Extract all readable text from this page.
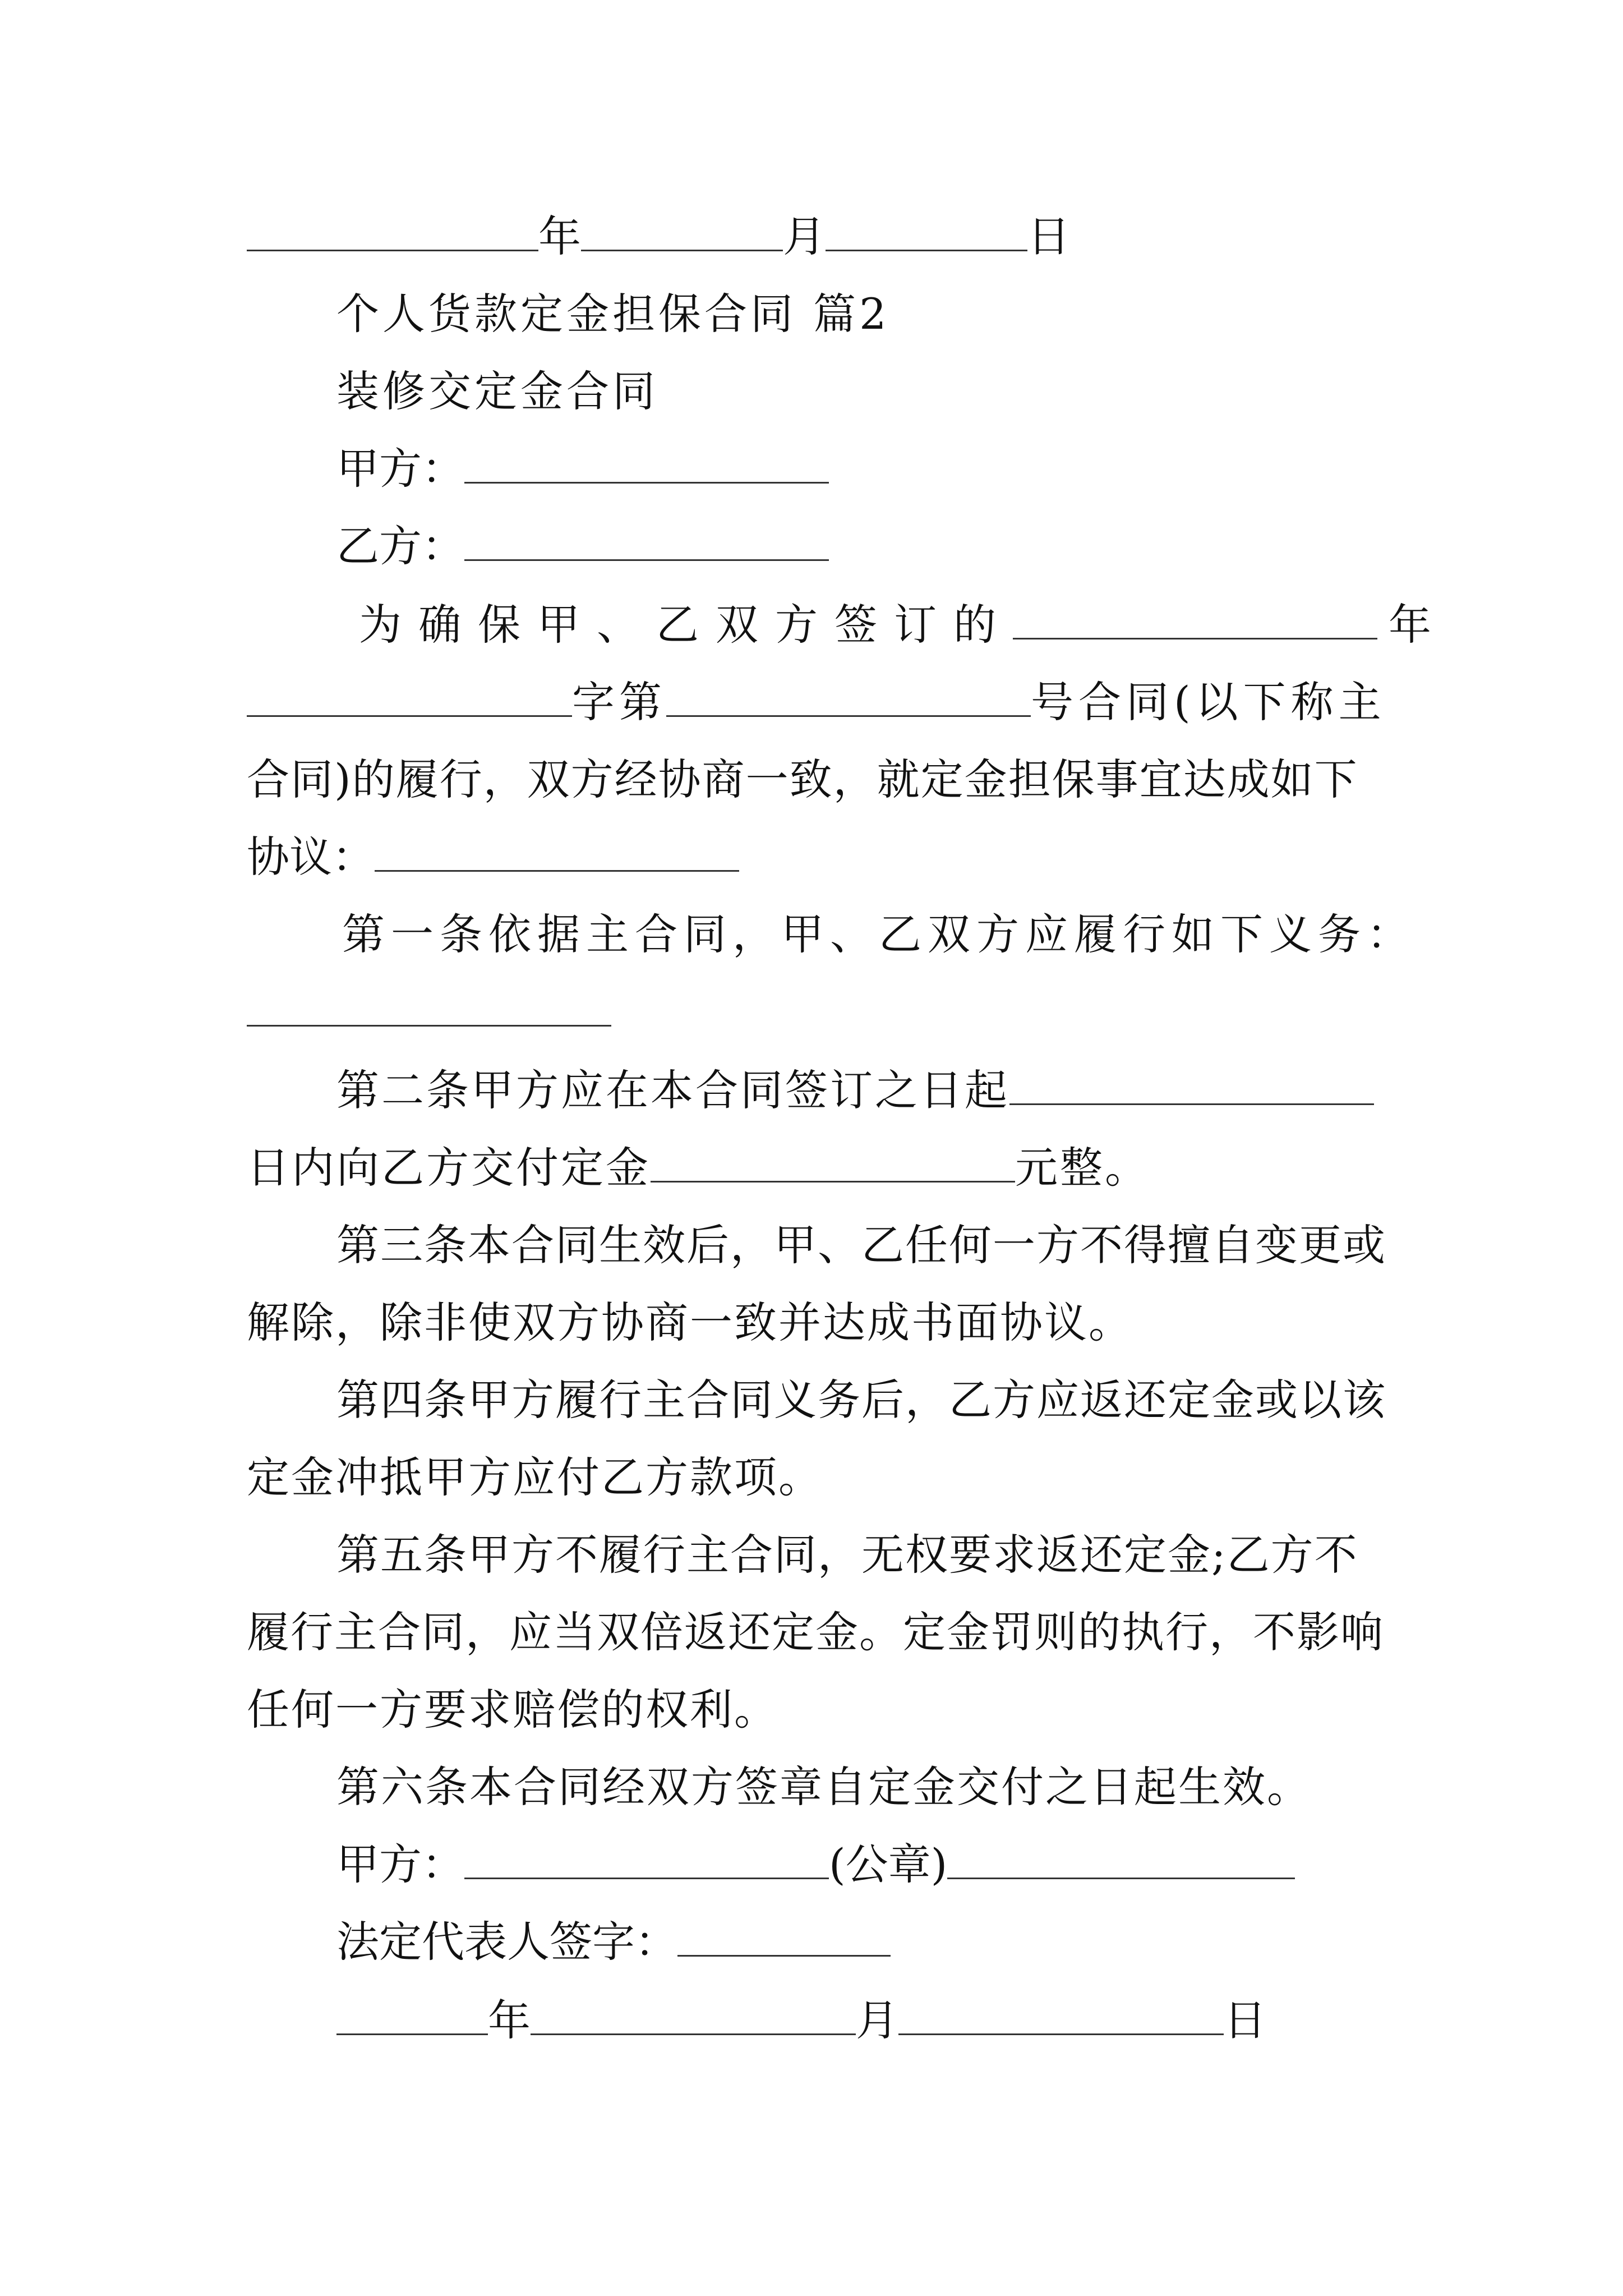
年	月	日
个人货款定金担保合同 篇2
装修交定金合同
甲方：
乙方：
为确保甲、乙双方签订的	年
字第	号合同(以下称主
合同)的履行，双方经协商一致，就定金担保事宜达成如下
协议：
第一条依据主合同，甲、乙双方应履行如下义务：
第二条甲方应在本合同签订之日起
日内向乙方交付定金	元整。
第三条本合同生效后，甲、乙任何一方不得擅自变更或
解除，除非使双方协商一致并达成书面协议。
第四条甲方履行主合同义务后，乙方应返还定金或以该
定金冲抵甲方应付乙方款项。
第五条甲方不履行主合同，无权要求返还定金;乙方不
履行主合同，应当双倍返还定金。定金罚则的执行，不影响
任何一方要求赔偿的权利。
第六条本合同经双方签章自定金交付之日起生效。
甲方：	(公章)
法定代表人签字：
年	月	日
